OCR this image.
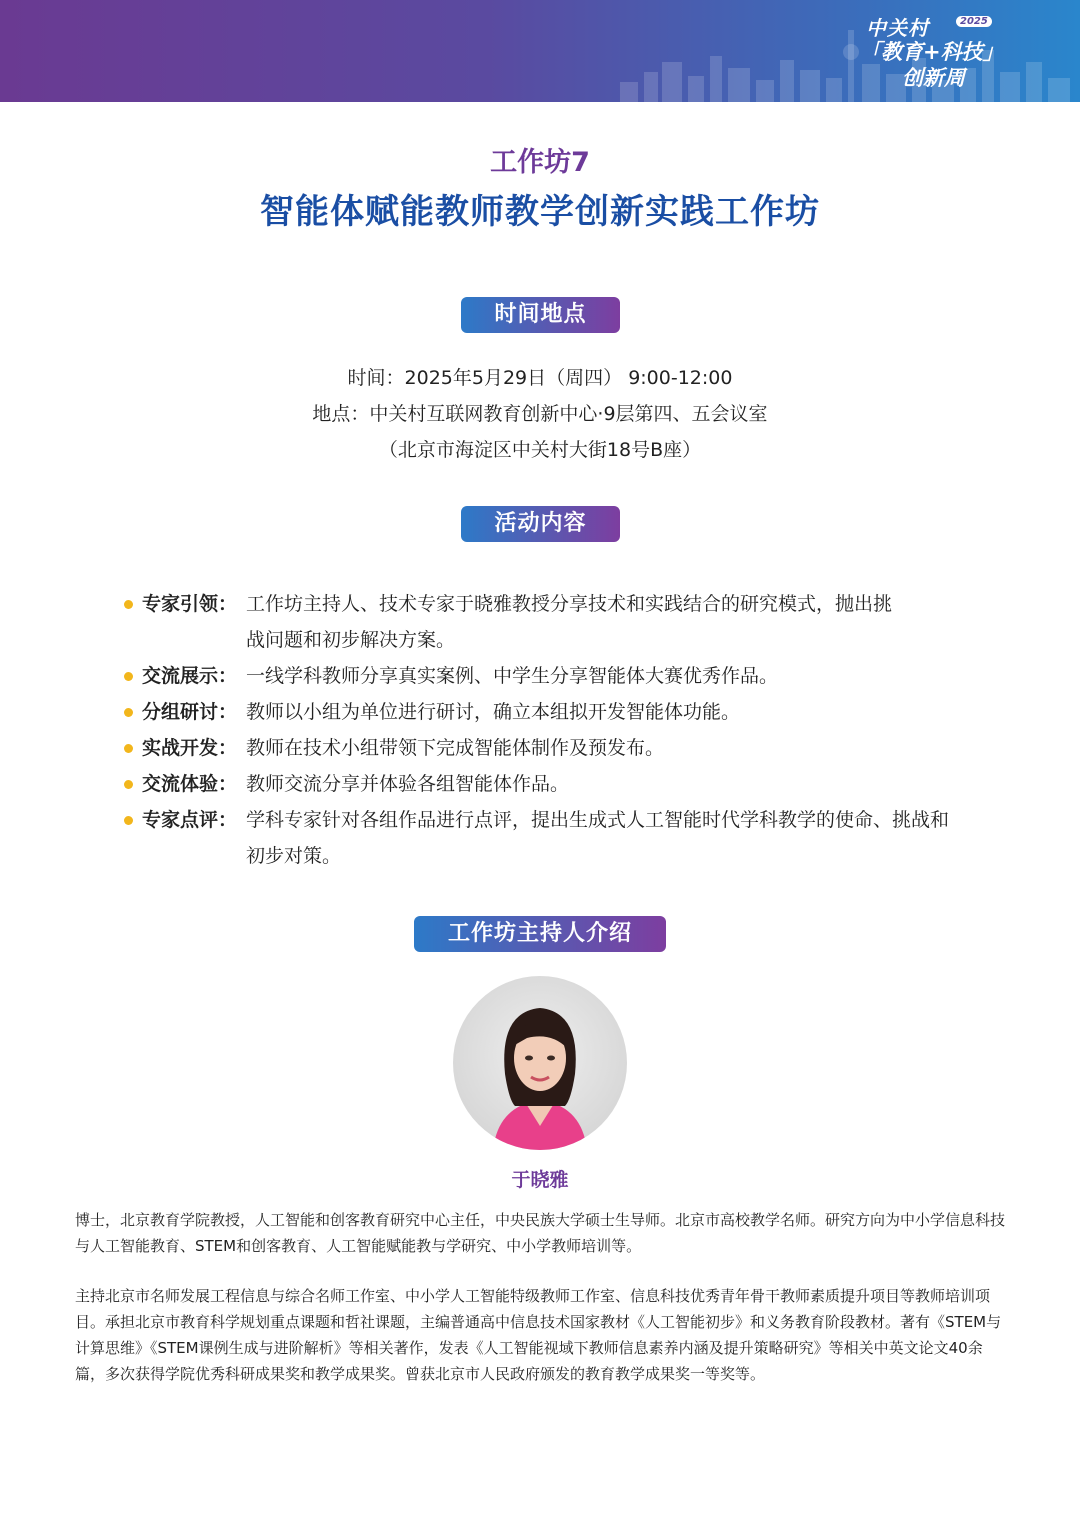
中关村	2025
「教育+科技」
创新周
工作坊7
智能体赋能教师教学创新实践工作坊
时间地点
时间：2025年5月29日（周四） 9:00-12:00
地点：中关村互联网教育创新中心·9层第四、五会议室
（北京市海淀区中关村大街18号B座）
活动内容
专家引领： 工作坊主持人、技术专家于晓雅教授分享技术和实践结合的研究模式，抛出挑战问题和初步解决方案。
交流展示： 一线学科教师分享真实案例、中学生分享智能体大赛优秀作品。
分组研讨： 教师以小组为单位进行研讨，确立本组拟开发智能体功能。
实战开发： 教师在技术小组带领下完成智能体制作及预发布。
交流体验： 教师交流分享并体验各组智能体作品。
专家点评： 学科专家针对各组作品进行点评，提出生成式人工智能时代学科教学的使命、挑战和初步对策。
工作坊主持人介绍
于晓雅
博士，北京教育学院教授，人工智能和创客教育研究中心主任，中央民族大学硕士生导师。北京市高校教学名师。研究方向为中小学信息科技与人工智能教育、STEM和创客教育、人工智能赋能教与学研究、中小学教师培训等。
主持北京市名师发展工程信息与综合名师工作室、中小学人工智能特级教师工作室、信息科技优秀青年骨干教师素质提升项目等教师培训项目。承担北京市教育科学规划重点课题和哲社课题，主编普通高中信息技术国家教材《人工智能初步》和义务教育阶段教材。著有《STEM与计算思维》《STEM课例生成与进阶解析》等相关著作，发表《人工智能视域下教师信息素养内涵及提升策略研究》等相关中英文论文40余篇，多次获得学院优秀科研成果奖和教学成果奖。曾获北京市人民政府颁发的教育教学成果奖一等奖等。
